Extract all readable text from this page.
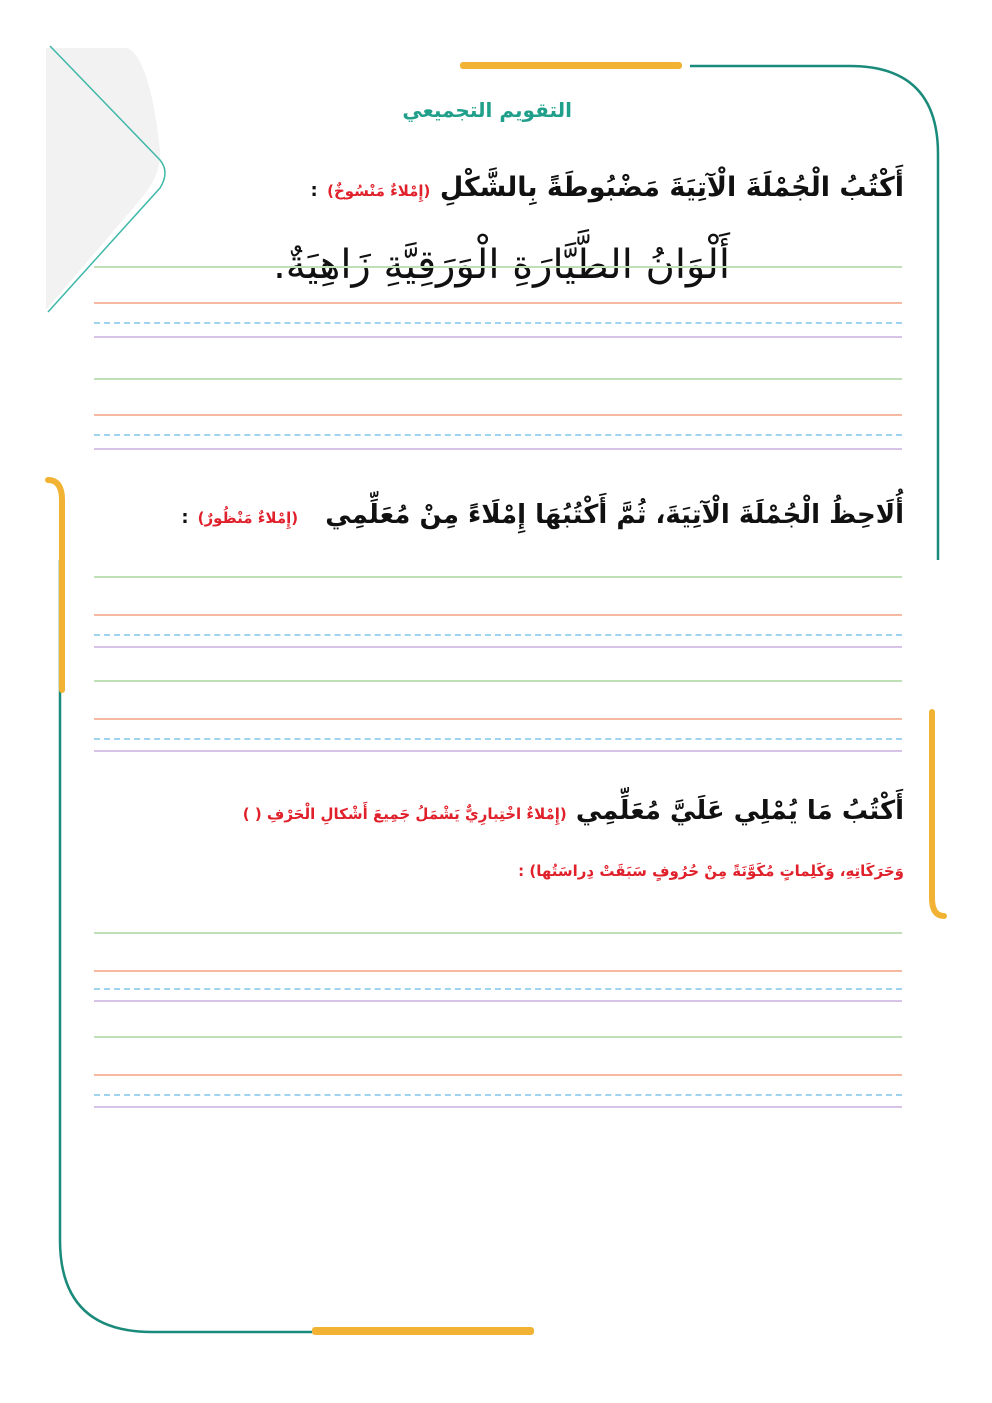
التقويم التجميعي
أَكْتُبُ الْجُمْلَةَ الْآتِيَةَ مَضْبُوطَةً بِالشَّكْلِ (إِمْلاءٌ مَنْسُوخٌ) :
أَلْوَانُ الطَّيَّارَةِ الْوَرَقِيَّةِ زَاهِيَةٌ.
أُلَاحِظُ الْجُمْلَةَ الْآتِيَةَ، ثُمَّ أَكْتُبُهَا إِمْلَاءً مِنْ مُعَلِّمِي   (إِمْلاءٌ مَنْظُورٌ) :
أَكْتُبُ مَا يُمْلِي عَلَيَّ مُعَلِّمِي (إِمْلاءٌ اخْتِبارِيٌّ يَشْمَلُ جَمِيعَ أَشْكالِ الْحَرْفِ ( )
وَحَرَكَاتِهِ، وَكَلِماتٍ مُكَوَّنَةً مِنْ حُرُوفٍ سَبَقَتْ دِراسَتُها) :
